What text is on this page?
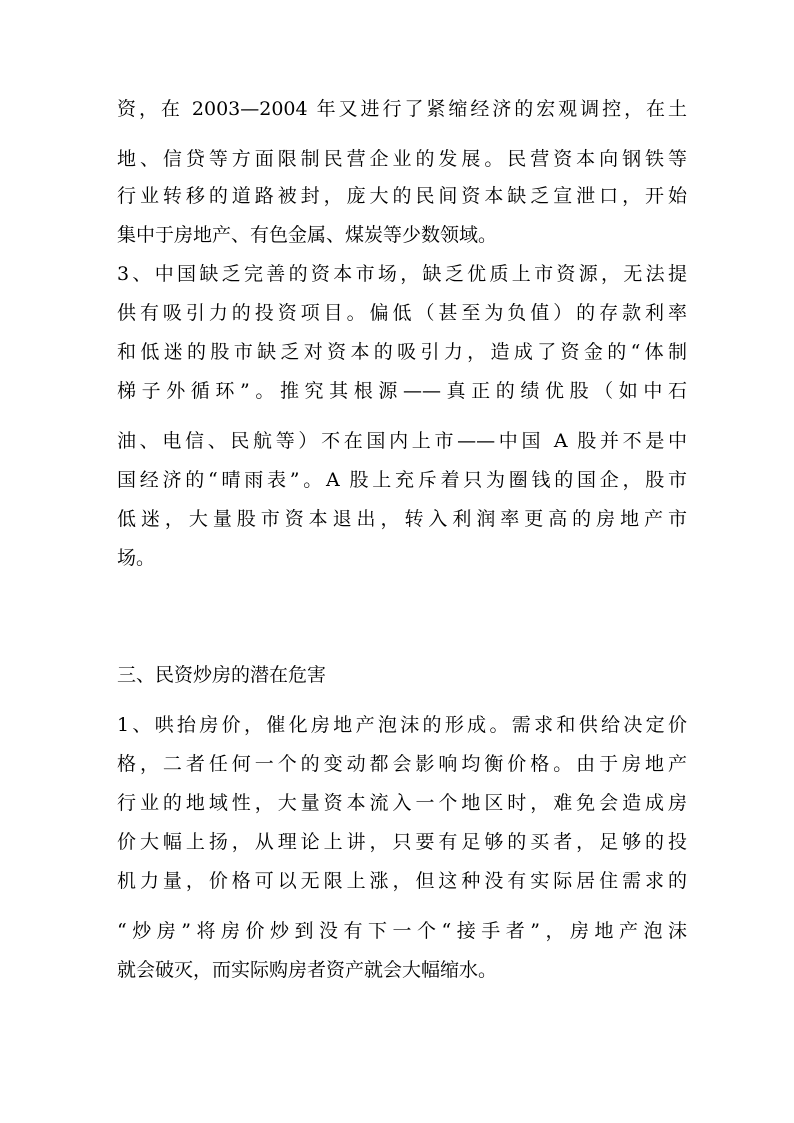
资，在 2003—2004 年又进行了紧缩经济的宏观调控，在土
地、信贷等方面限制民营企业的发展。民营资本向钢铁等
行业转移的道路被封，庞大的民间资本缺乏宣泄口，开始
集中于房地产、有色金属、煤炭等少数领域。
3、中国缺乏完善的资本市场，缺乏优质上市资源，无法提
供有吸引力的投资项目。偏低（甚至为负值）的存款利率
和低迷的股市缺乏对资本的吸引力，造成了资金的“体制
梯子外循环”。推究其根源——真正的绩优股（如中石
油、电信、民航等）不在国内上市——中国 A 股并不是中
国经济的“晴雨表”。A 股上充斥着只为圈钱的国企，股市
低迷，大量股市资本退出，转入利润率更高的房地产市
场。
三、民资炒房的潜在危害
1、哄抬房价，催化房地产泡沫的形成。需求和供给决定价
格，二者任何一个的变动都会影响均衡价格。由于房地产
行业的地域性，大量资本流入一个地区时，难免会造成房
价大幅上扬，从理论上讲，只要有足够的买者，足够的投
机力量，价格可以无限上涨，但这种没有实际居住需求的
“炒房”将房价炒到没有下一个“接手者”，房地产泡沫
就会破灭，而实际购房者资产就会大幅缩水。
